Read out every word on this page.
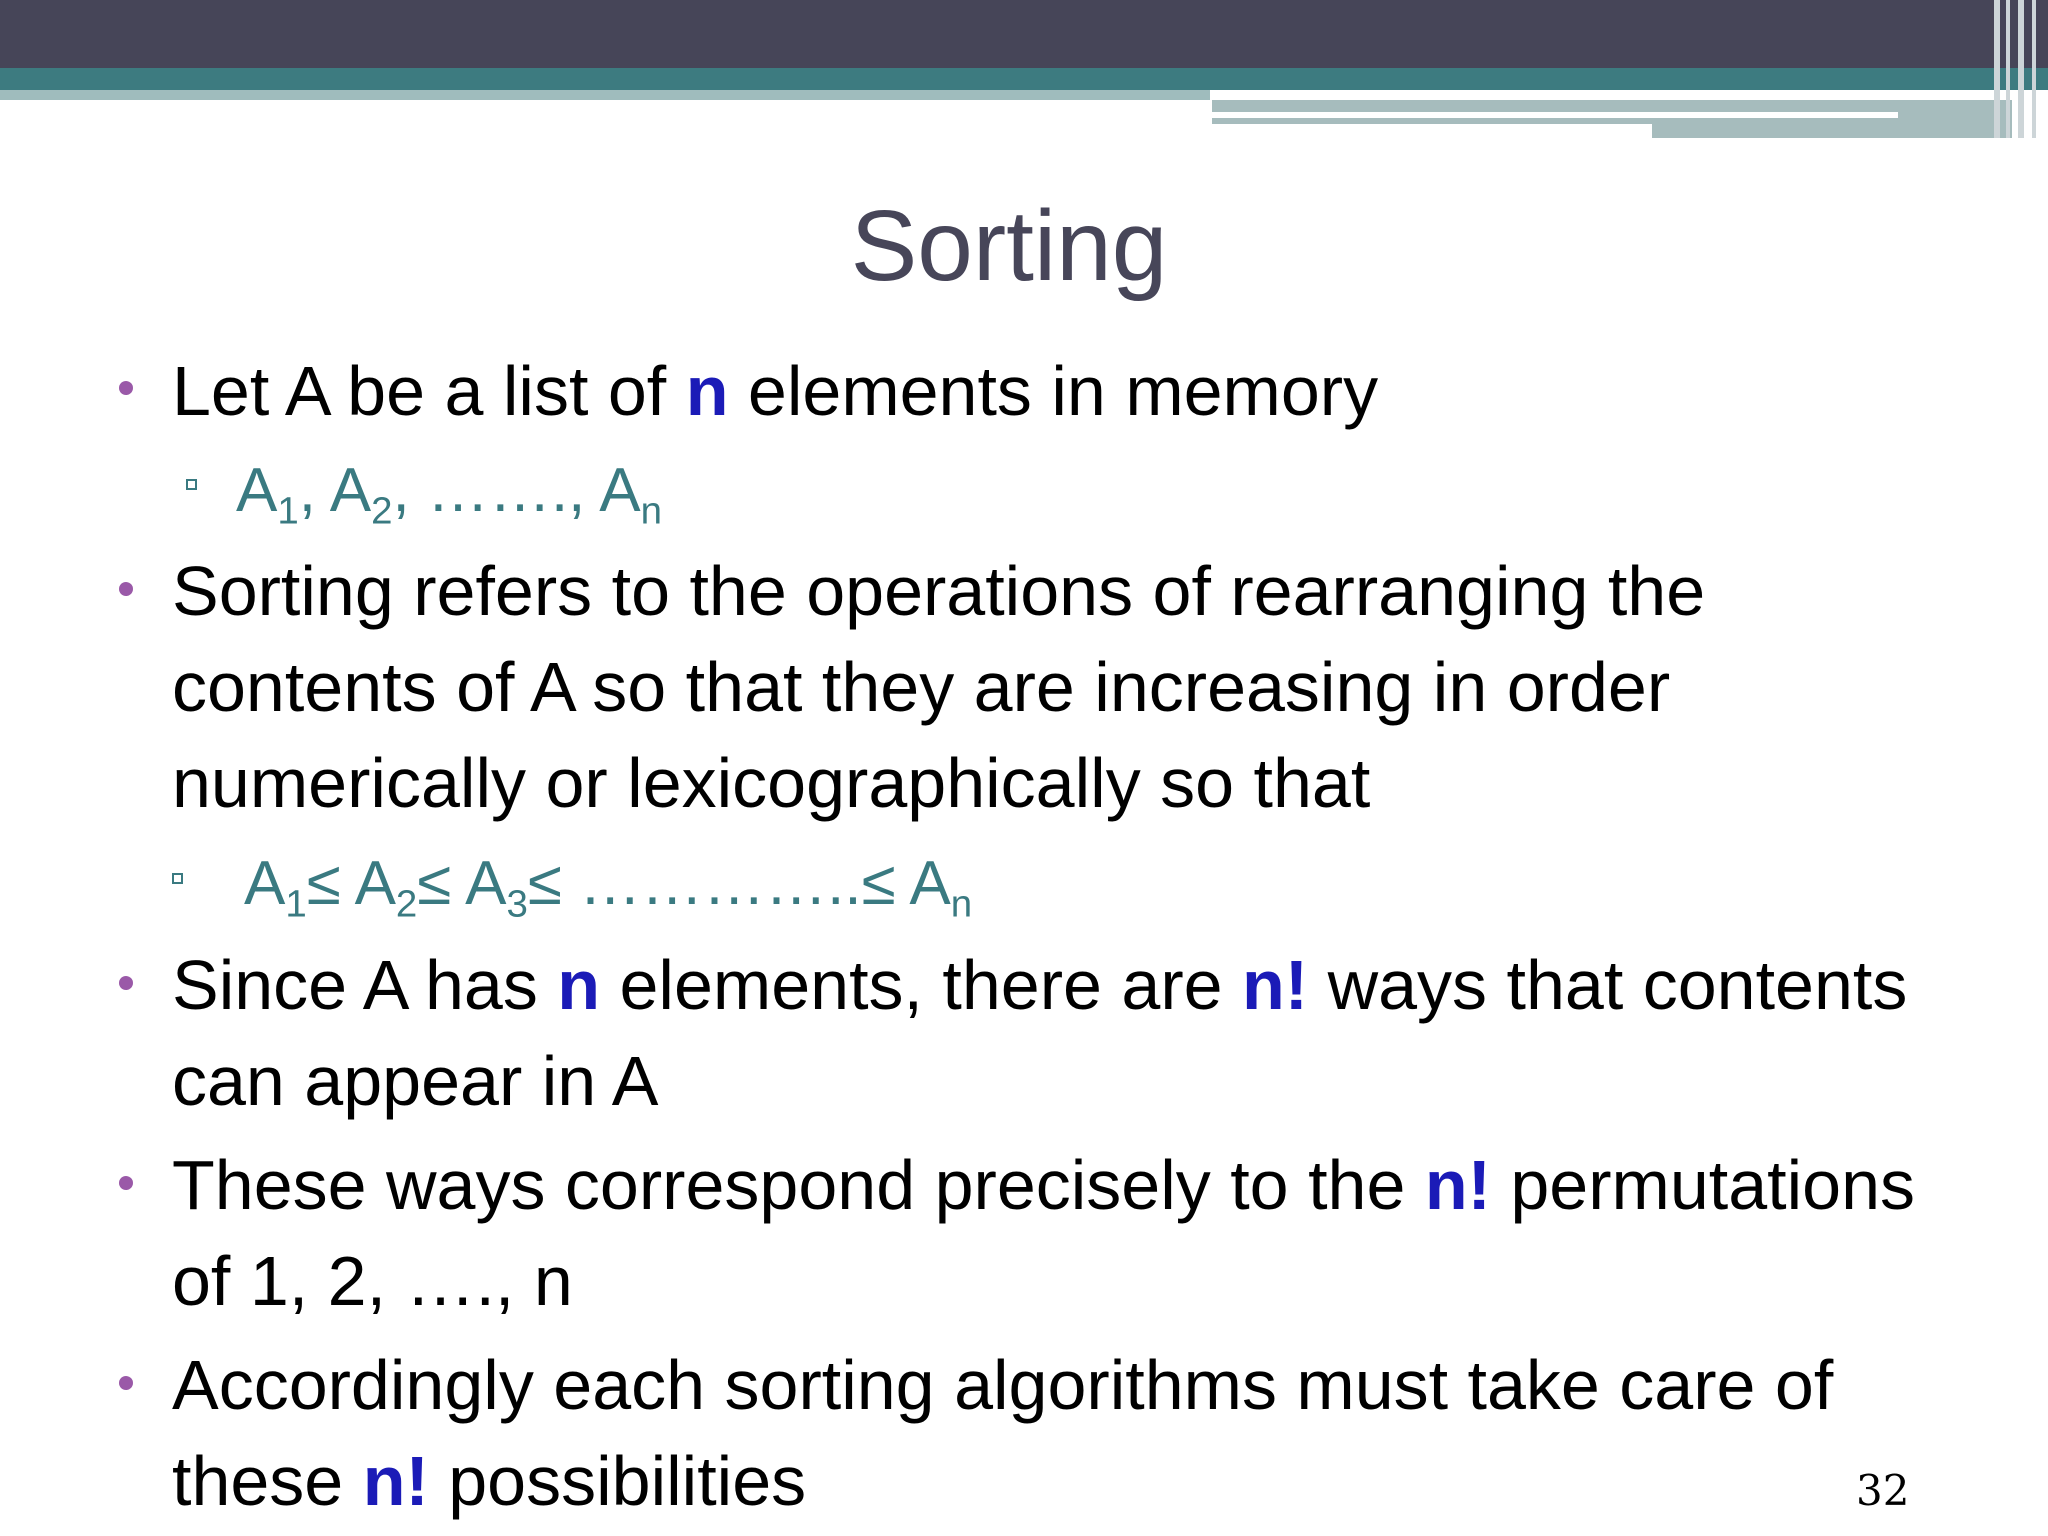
Sorting
Let A be a list of n elements in memory
$A_1$, $A_2$, ……., $A_n$
Sorting refers to the operations of rearranging the
contents of A so that they are increasing in order
numerically or lexicographically so that
$A_1\le A_2\le A_3\le$ …………..≤ $A_n$
Since A has n elements, there are n! ways that contents
can appear in A
These ways correspond precisely to the n! permutations
of 1, 2, …., n
Accordingly each sorting algorithms must take care of
these n! possibilities	32
